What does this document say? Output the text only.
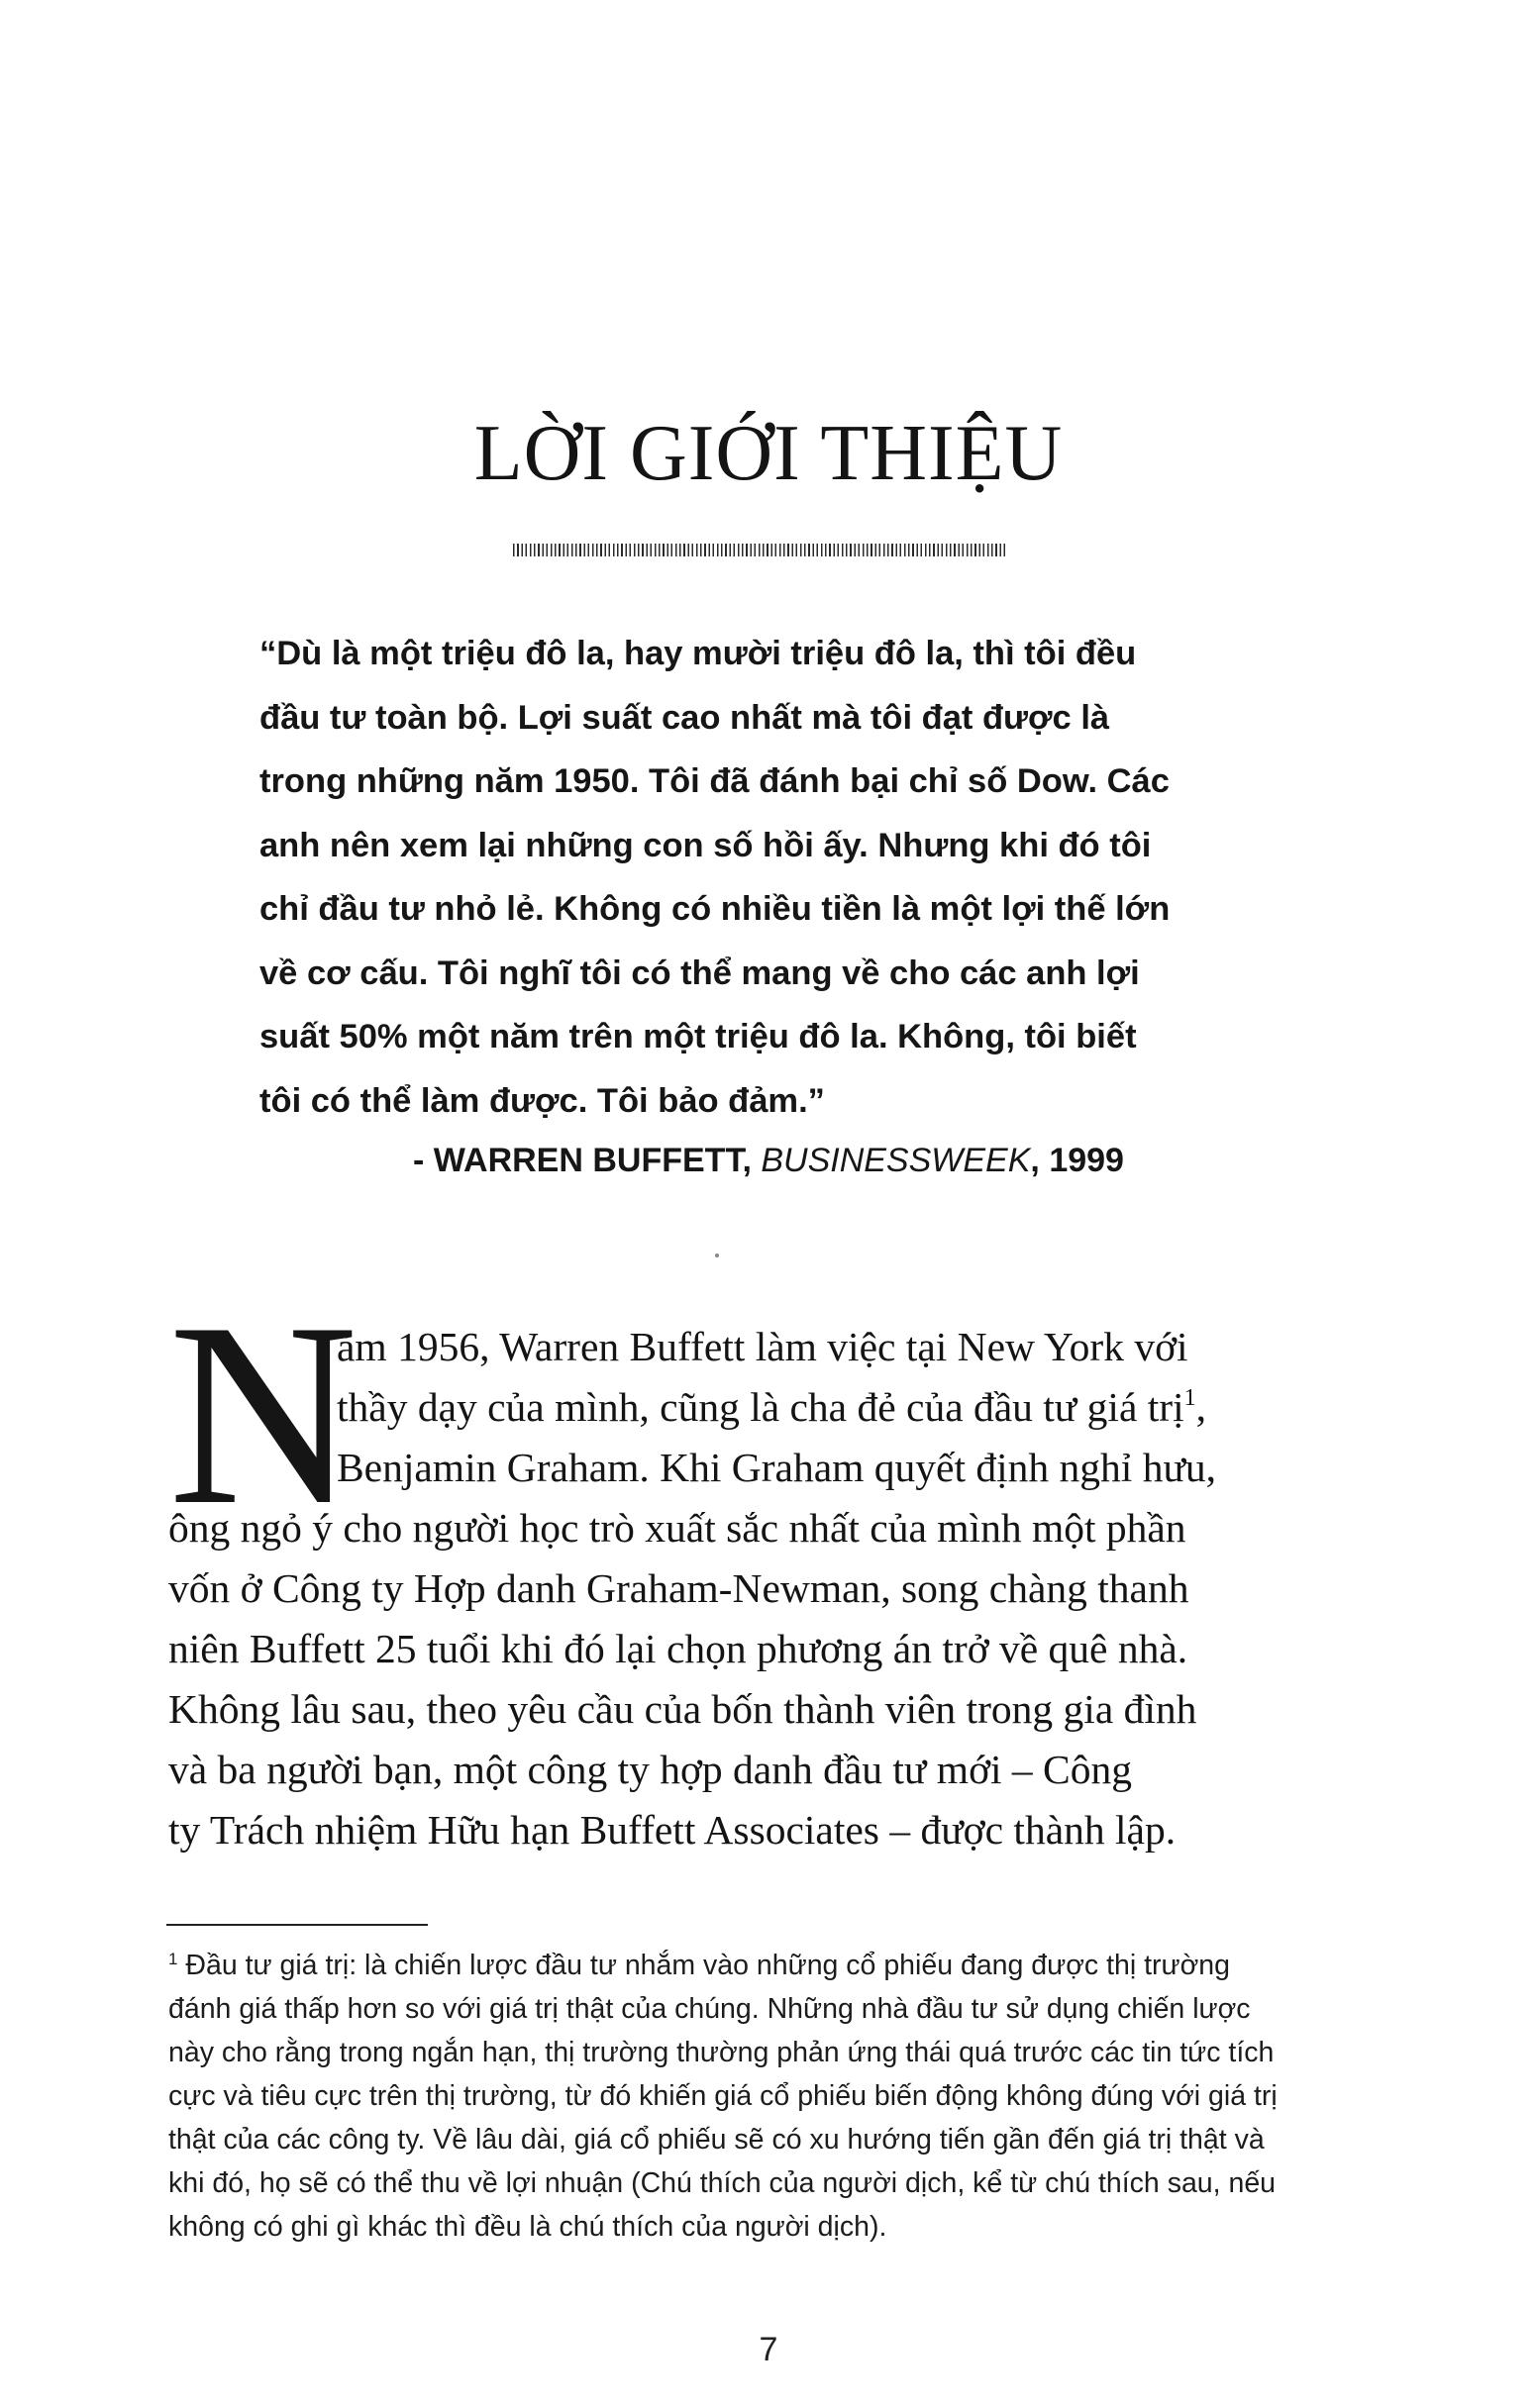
LỜI GIỚI THIỆU
“Dù là một triệu đô la, hay mười triệu đô la, thì tôi đều
đầu tư toàn bộ. Lợi suất cao nhất mà tôi đạt được là
trong những năm 1950. Tôi đã đánh bại chỉ số Dow. Các
anh nên xem lại những con số hồi ấy. Nhưng khi đó tôi
chỉ đầu tư nhỏ lẻ. Không có nhiều tiền là một lợi thế lớn
về cơ cấu. Tôi nghĩ tôi có thể mang về cho các anh lợi
suất 50% một năm trên một triệu đô la. Không, tôi biết
tôi có thể làm được. Tôi bảo đảm.”
- WARREN BUFFETT, BUSINESSWEEK, 1999
N
ăm 1956, Warren Buffett làm việc tại New York với
thầy dạy của mình, cũng là cha đẻ của đầu tư giá trị$^1$,
Benjamin Graham. Khi Graham quyết định nghỉ hưu,
ông ngỏ ý cho người học trò xuất sắc nhất của mình một phần
vốn ở Công ty Hợp danh Graham-Newman, song chàng thanh
niên Buffett 25 tuổi khi đó lại chọn phương án trở về quê nhà.
Không lâu sau, theo yêu cầu của bốn thành viên trong gia đình
và ba người bạn, một công ty hợp danh đầu tư mới – Công
ty Trách nhiệm Hữu hạn Buffett Associates – được thành lập.
$^1$ Đầu tư giá trị: là chiến lược đầu tư nhắm vào những cổ phiếu đang được thị trường
đánh giá thấp hơn so với giá trị thật của chúng. Những nhà đầu tư sử dụng chiến lược
này cho rằng trong ngắn hạn, thị trường thường phản ứng thái quá trước các tin tức tích
cực và tiêu cực trên thị trường, từ đó khiến giá cổ phiếu biến động không đúng với giá trị
thật của các công ty. Về lâu dài, giá cổ phiếu sẽ có xu hướng tiến gần đến giá trị thật và
khi đó, họ sẽ có thể thu về lợi nhuận (Chú thích của người dịch, kể từ chú thích sau, nếu
không có ghi gì khác thì đều là chú thích của người dịch).
7
